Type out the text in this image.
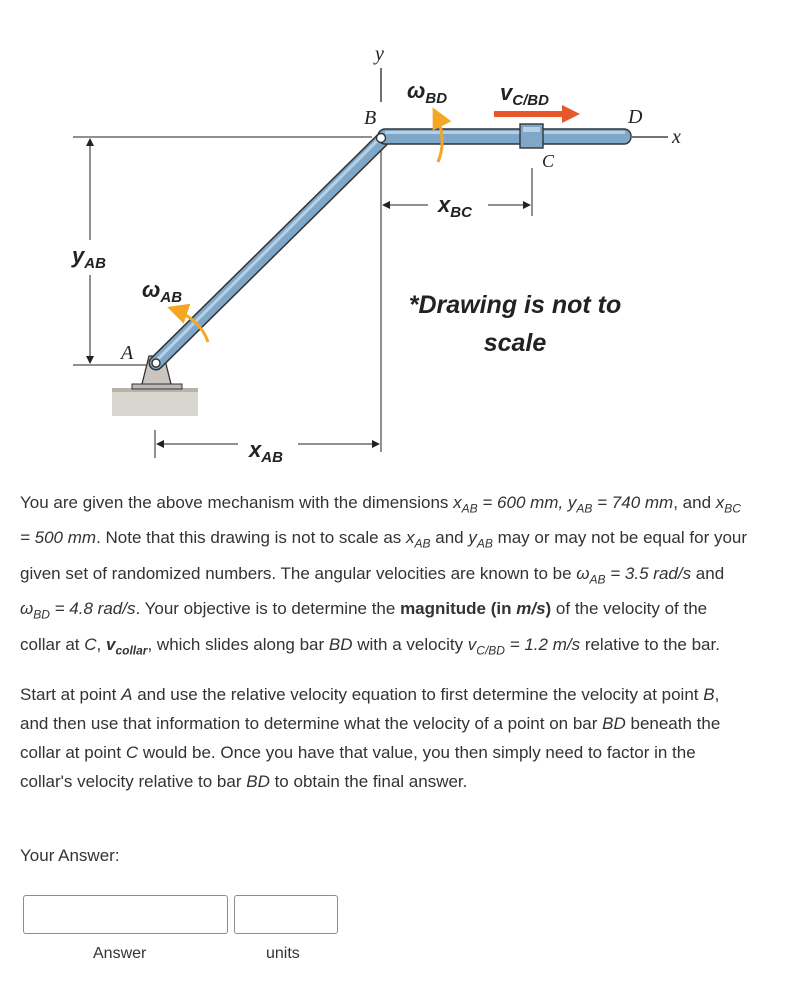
y
x
B	D
C
A
$\omega_{BD}$ $v_{C/BD}$
$x_{BC}$
$y_{AB}$
$\omega_{AB}$
$x_{AB}$
*Drawing is not to
scale

You are given the above mechanism with the dimensions $x_{AB} = 600$ mm, $y_{AB} = 740$ mm, and $x_{BC} = 500$ mm. Note that this drawing is not to scale as $x_{AB}$ and $y_{AB}$ may or may not be equal for your given set of randomized numbers. The angular velocities are known to be $\omega_{AB} = 3.5$ rad/s and $\omega_{BD} = 4.8$ rad/s. Your objective is to determine the magnitude (in m/s) of the velocity of the collar at C, $v_{collar}$, which slides along bar BD with a velocity $v_{C/BD} = 1.2$ m/s relative to the bar.

Start at point A and use the relative velocity equation to first determine the velocity at point B, and then use that information to determine what the velocity of a point on bar BD beneath the collar at point C would be. Once you have that value, you then simply need to factor in the collar's velocity relative to bar BD to obtain the final answer.

Your Answer:
Answer	units
